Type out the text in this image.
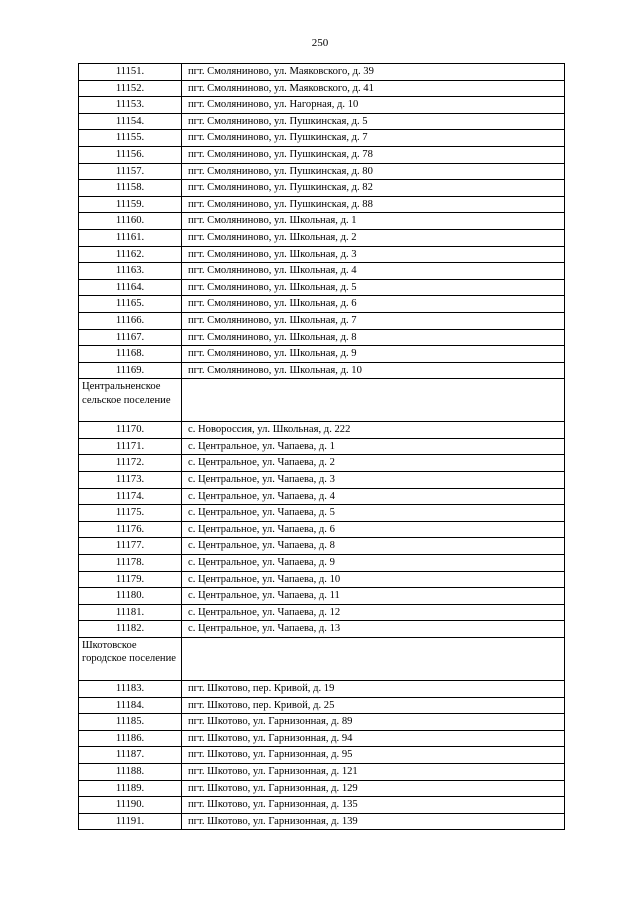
250
11151.	пгт. Смоляниново, ул. Маяковского, д. 39
11152.	пгт. Смоляниново, ул. Маяковского, д. 41
11153.	пгт. Смоляниново, ул. Нагорная, д. 10
11154.	пгт. Смоляниново, ул. Пушкинская, д. 5
11155.	пгт. Смоляниново, ул. Пушкинская, д. 7
11156.	пгт. Смоляниново, ул. Пушкинская, д. 78
11157.	пгт. Смоляниново, ул. Пушкинская, д. 80
11158.	пгт. Смоляниново, ул. Пушкинская, д. 82
11159.	пгт. Смоляниново, ул. Пушкинская, д. 88
11160.	пгт. Смоляниново, ул. Школьная, д. 1
11161.	пгт. Смоляниново, ул. Школьная, д. 2
11162.	пгт. Смоляниново, ул. Школьная, д. 3
11163.	пгт. Смоляниново, ул. Школьная, д. 4
11164.	пгт. Смоляниново, ул. Школьная, д. 5
11165.	пгт. Смоляниново, ул. Школьная, д. 6
11166.	пгт. Смоляниново, ул. Школьная, д. 7
11167.	пгт. Смоляниново, ул. Школьная, д. 8
11168.	пгт. Смоляниново, ул. Школьная, д. 9
11169.	пгт. Смоляниново, ул. Школьная, д. 10
Центральненское сельское поселение	
11170.	с. Новороссия, ул. Школьная, д. 222
11171.	с. Центральное, ул. Чапаева, д. 1
11172.	с. Центральное, ул. Чапаева, д. 2
11173.	с. Центральное, ул. Чапаева, д. 3
11174.	с. Центральное, ул. Чапаева, д. 4
11175.	с. Центральное, ул. Чапаева, д. 5
11176.	с. Центральное, ул. Чапаева, д. 6
11177.	с. Центральное, ул. Чапаева, д. 8
11178.	с. Центральное, ул. Чапаева, д. 9
11179.	с. Центральное, ул. Чапаева, д. 10
11180.	с. Центральное, ул. Чапаева, д. 11
11181.	с. Центральное, ул. Чапаева, д. 12
11182.	с. Центральное, ул. Чапаева, д. 13
Шкотовское городское поселение	
11183.	пгт. Шкотово, пер. Кривой, д. 19
11184.	пгт. Шкотово, пер. Кривой, д. 25
11185.	пгт. Шкотово, ул. Гарнизонная, д. 89
11186.	пгт. Шкотово, ул. Гарнизонная, д. 94
11187.	пгт. Шкотово, ул. Гарнизонная, д. 95
11188.	пгт. Шкотово, ул. Гарнизонная, д. 121
11189.	пгт. Шкотово, ул. Гарнизонная, д. 129
11190.	пгт. Шкотово, ул. Гарнизонная, д. 135
11191.	пгт. Шкотово, ул. Гарнизонная, д. 139
